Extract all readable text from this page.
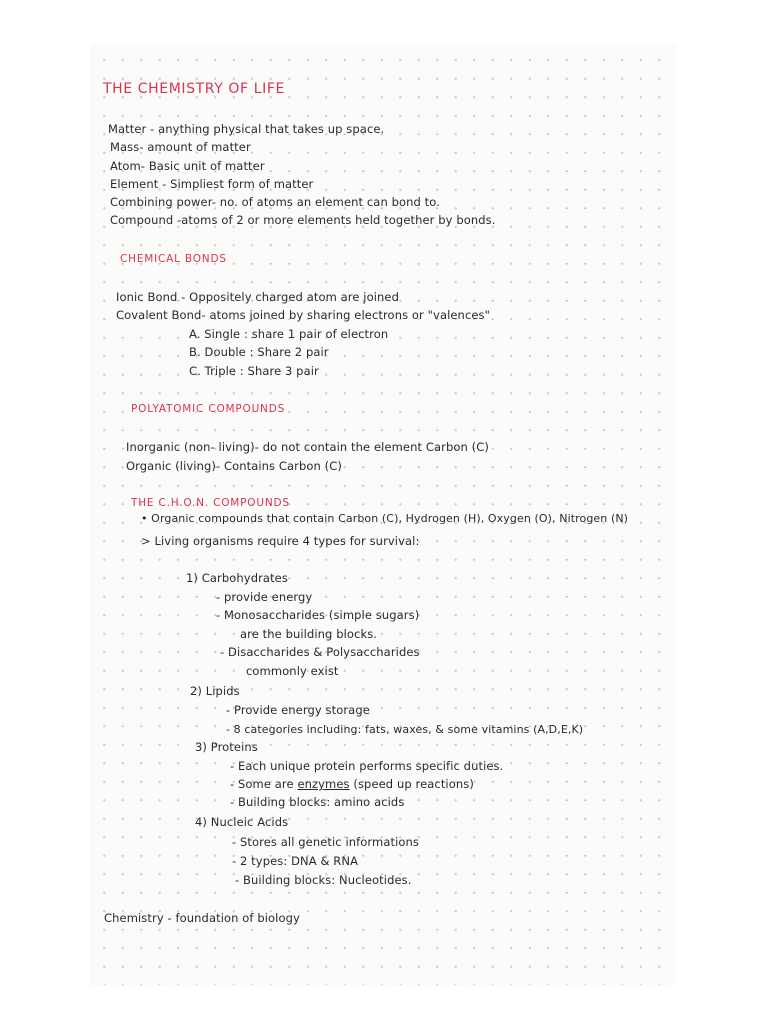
THE CHEMISTRY OF LIFE
Matter - anything physical that takes up space.
Mass- amount of matter
Atom- Basic unit of matter
Element - Simpliest form of matter
Combining power- no. of atoms an element can bond to.
Compound -atoms of 2 or more elements held together by bonds.
CHEMICAL BONDS
Ionic Bond - Oppositely charged atom are joined
Covalent Bond- atoms joined by sharing electrons or "valences"
A. Single : share 1 pair of electron
B. Double : Share 2 pair
C. Triple : Share 3 pair
POLYATOMIC COMPOUNDS
Inorganic (non- living)- do not contain the element Carbon (C)
Organic (living)- Contains Carbon (C)
THE C.H.O.N. COMPOUNDS
• Organic compounds that contain Carbon (C), Hydrogen (H), Oxygen (O), Nitrogen (N)
> Living organisms require 4 types for survival:
1) Carbohydrates
- provide energy
- Monosaccharides (simple sugars)
are the building blocks.
- Disaccharides & Polysaccharides
commonly exist
2) Lipids
- Provide energy storage
- 8 categories including: fats, waxes, & some vitamins (A,D,E,K)
3) Proteins
- Each unique protein performs specific duties.
- Some are enzymes (speed up reactions)
- Building blocks: amino acids
4) Nucleic Acids
- Stores all genetic informations
- 2 types: DNA & RNA
- Building blocks: Nucleotides.
Chemistry - foundation of biology
